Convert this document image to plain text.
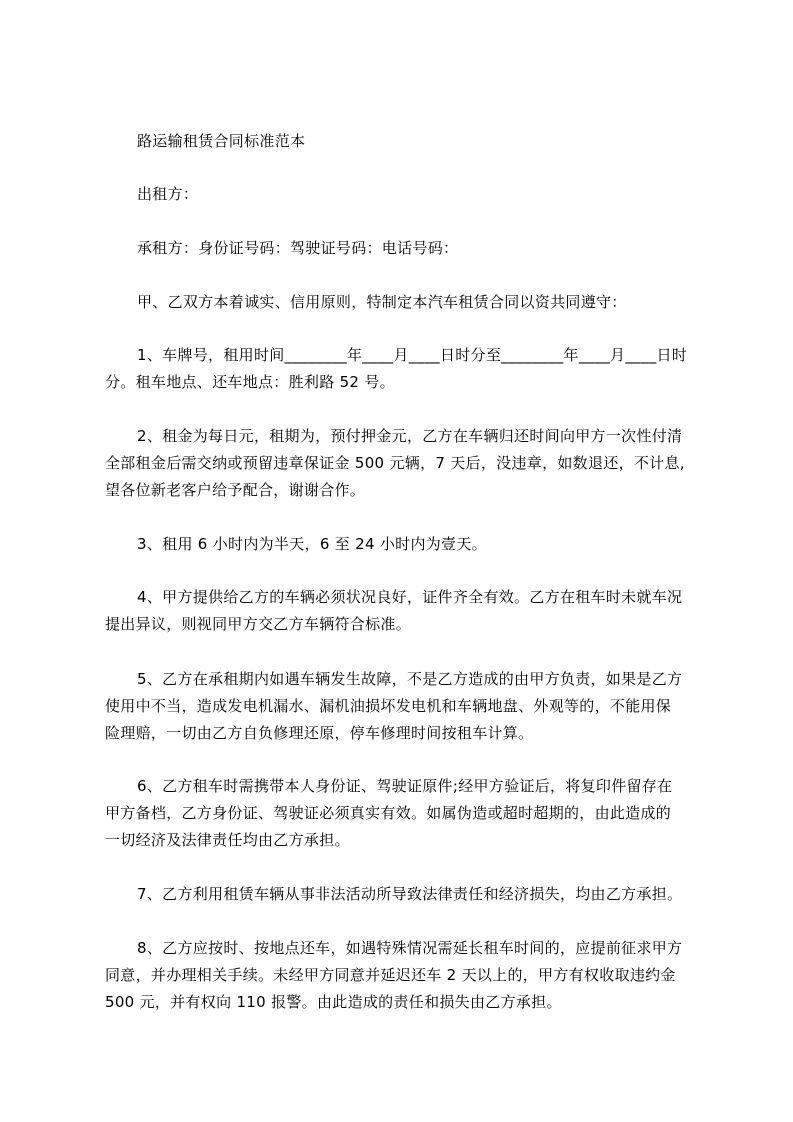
路运输租赁合同标准范本
出租方：
承租方：身份证号码：驾驶证号码：电话号码：
甲、乙双方本着诚实、信用原则，特制定本汽车租赁合同以资共同遵守：
1、车牌号，租用时间________年____月____日时分至________年____月____日时
分。租车地点、还车地点：胜利路 52 号。
2、租金为每日元，租期为，预付押金元，乙方在车辆归还时间向甲方一次性付清
全部租金后需交纳或预留违章保证金 500 元辆，7 天后，没违章，如数退还，不计息,
望各位新老客户给予配合，谢谢合作。
3、租用 6 小时内为半天，6 至 24 小时内为壹天。
4、甲方提供给乙方的车辆必须状况良好，证件齐全有效。乙方在租车时未就车况
提出异议，则视同甲方交乙方车辆符合标准。
5、乙方在承租期内如遇车辆发生故障，不是乙方造成的由甲方负责，如果是乙方
使用中不当，造成发电机漏水、漏机油损坏发电机和车辆地盘、外观等的，不能用保
险理赔，一切由乙方自负修理还原，停车修理时间按租车计算。
6、乙方租车时需携带本人身份证、驾驶证原件;经甲方验证后，将复印件留存在
甲方备档，乙方身份证、驾驶证必须真实有效。如属伪造或超时超期的，由此造成的
一切经济及法律责任均由乙方承担。
7、乙方利用租赁车辆从事非法活动所导致法律责任和经济损失，均由乙方承担。
8、乙方应按时、按地点还车，如遇特殊情况需延长租车时间的，应提前征求甲方
同意，并办理相关手续。未经甲方同意并延迟还车 2 天以上的，甲方有权收取违约金
500 元，并有权向 110 报警。由此造成的责任和损失由乙方承担。
